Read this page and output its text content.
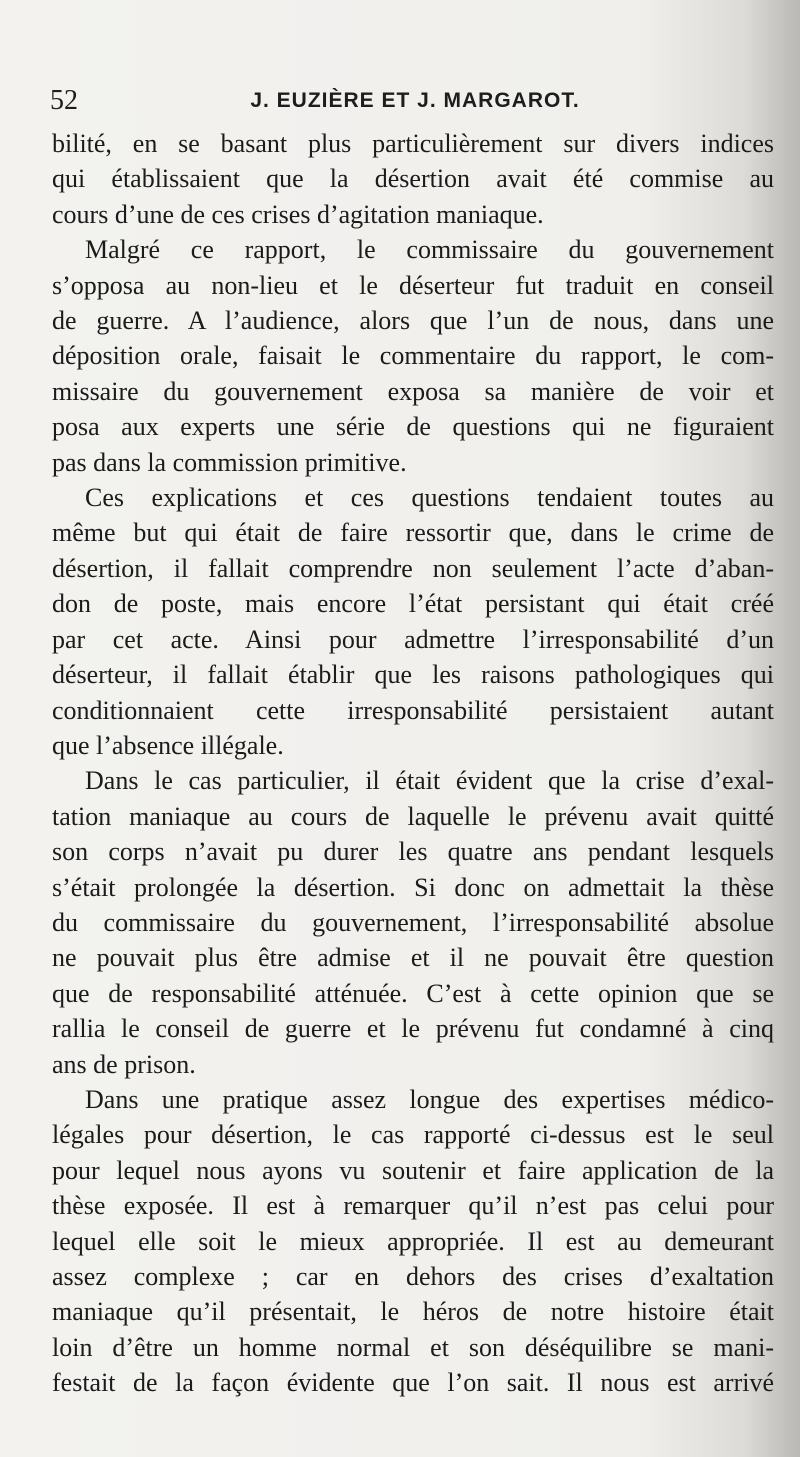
52	J. EUZIÈRE ET J. MARGAROT.

bilité, en se basant plus particulièrement sur divers indices

qui établissaient que la désertion avait été commise au

cours d’une de ces crises d’agitation maniaque.

Malgré ce rapport, le commissaire du gouvernement

s’opposa au non-lieu et le déserteur fut traduit en conseil

de guerre. A l’audience, alors que l’un de nous, dans une

déposition orale, faisait le commentaire du rapport, le com-

missaire du gouvernement exposa sa manière de voir et

posa aux experts une série de questions qui ne figuraient

pas dans la commission primitive.

Ces explications et ces questions tendaient toutes au

même but qui était de faire ressortir que, dans le crime de

désertion, il fallait comprendre non seulement l’acte d’aban-

don de poste, mais encore l’état persistant qui était créé

par cet acte. Ainsi pour admettre l’irresponsabilité d’un

déserteur, il fallait établir que les raisons pathologiques qui

conditionnaient cette irresponsabilité persistaient autant

que l’absence illégale.

Dans le cas particulier, il était évident que la crise d’exal-

tation maniaque au cours de laquelle le prévenu avait quitté

son corps n’avait pu durer les quatre ans pendant lesquels

s’était prolongée la désertion. Si donc on admettait la thèse

du commissaire du gouvernement, l’irresponsabilité absolue

ne pouvait plus être admise et il ne pouvait être question

que de responsabilité atténuée. C’est à cette opinion que se

rallia le conseil de guerre et le prévenu fut condamné à cinq

ans de prison.

Dans une pratique assez longue des expertises médico-

légales pour désertion, le cas rapporté ci-dessus est le seul

pour lequel nous ayons vu soutenir et faire application de la

thèse exposée. Il est à remarquer qu’il n’est pas celui pour

lequel elle soit le mieux appropriée. Il est au demeurant

assez complexe ; car en dehors des crises d’exaltation

maniaque qu’il présentait, le héros de notre histoire était

loin d’être un homme normal et son déséquilibre se mani-

festait de la façon évidente que l’on sait. Il nous est arrivé
